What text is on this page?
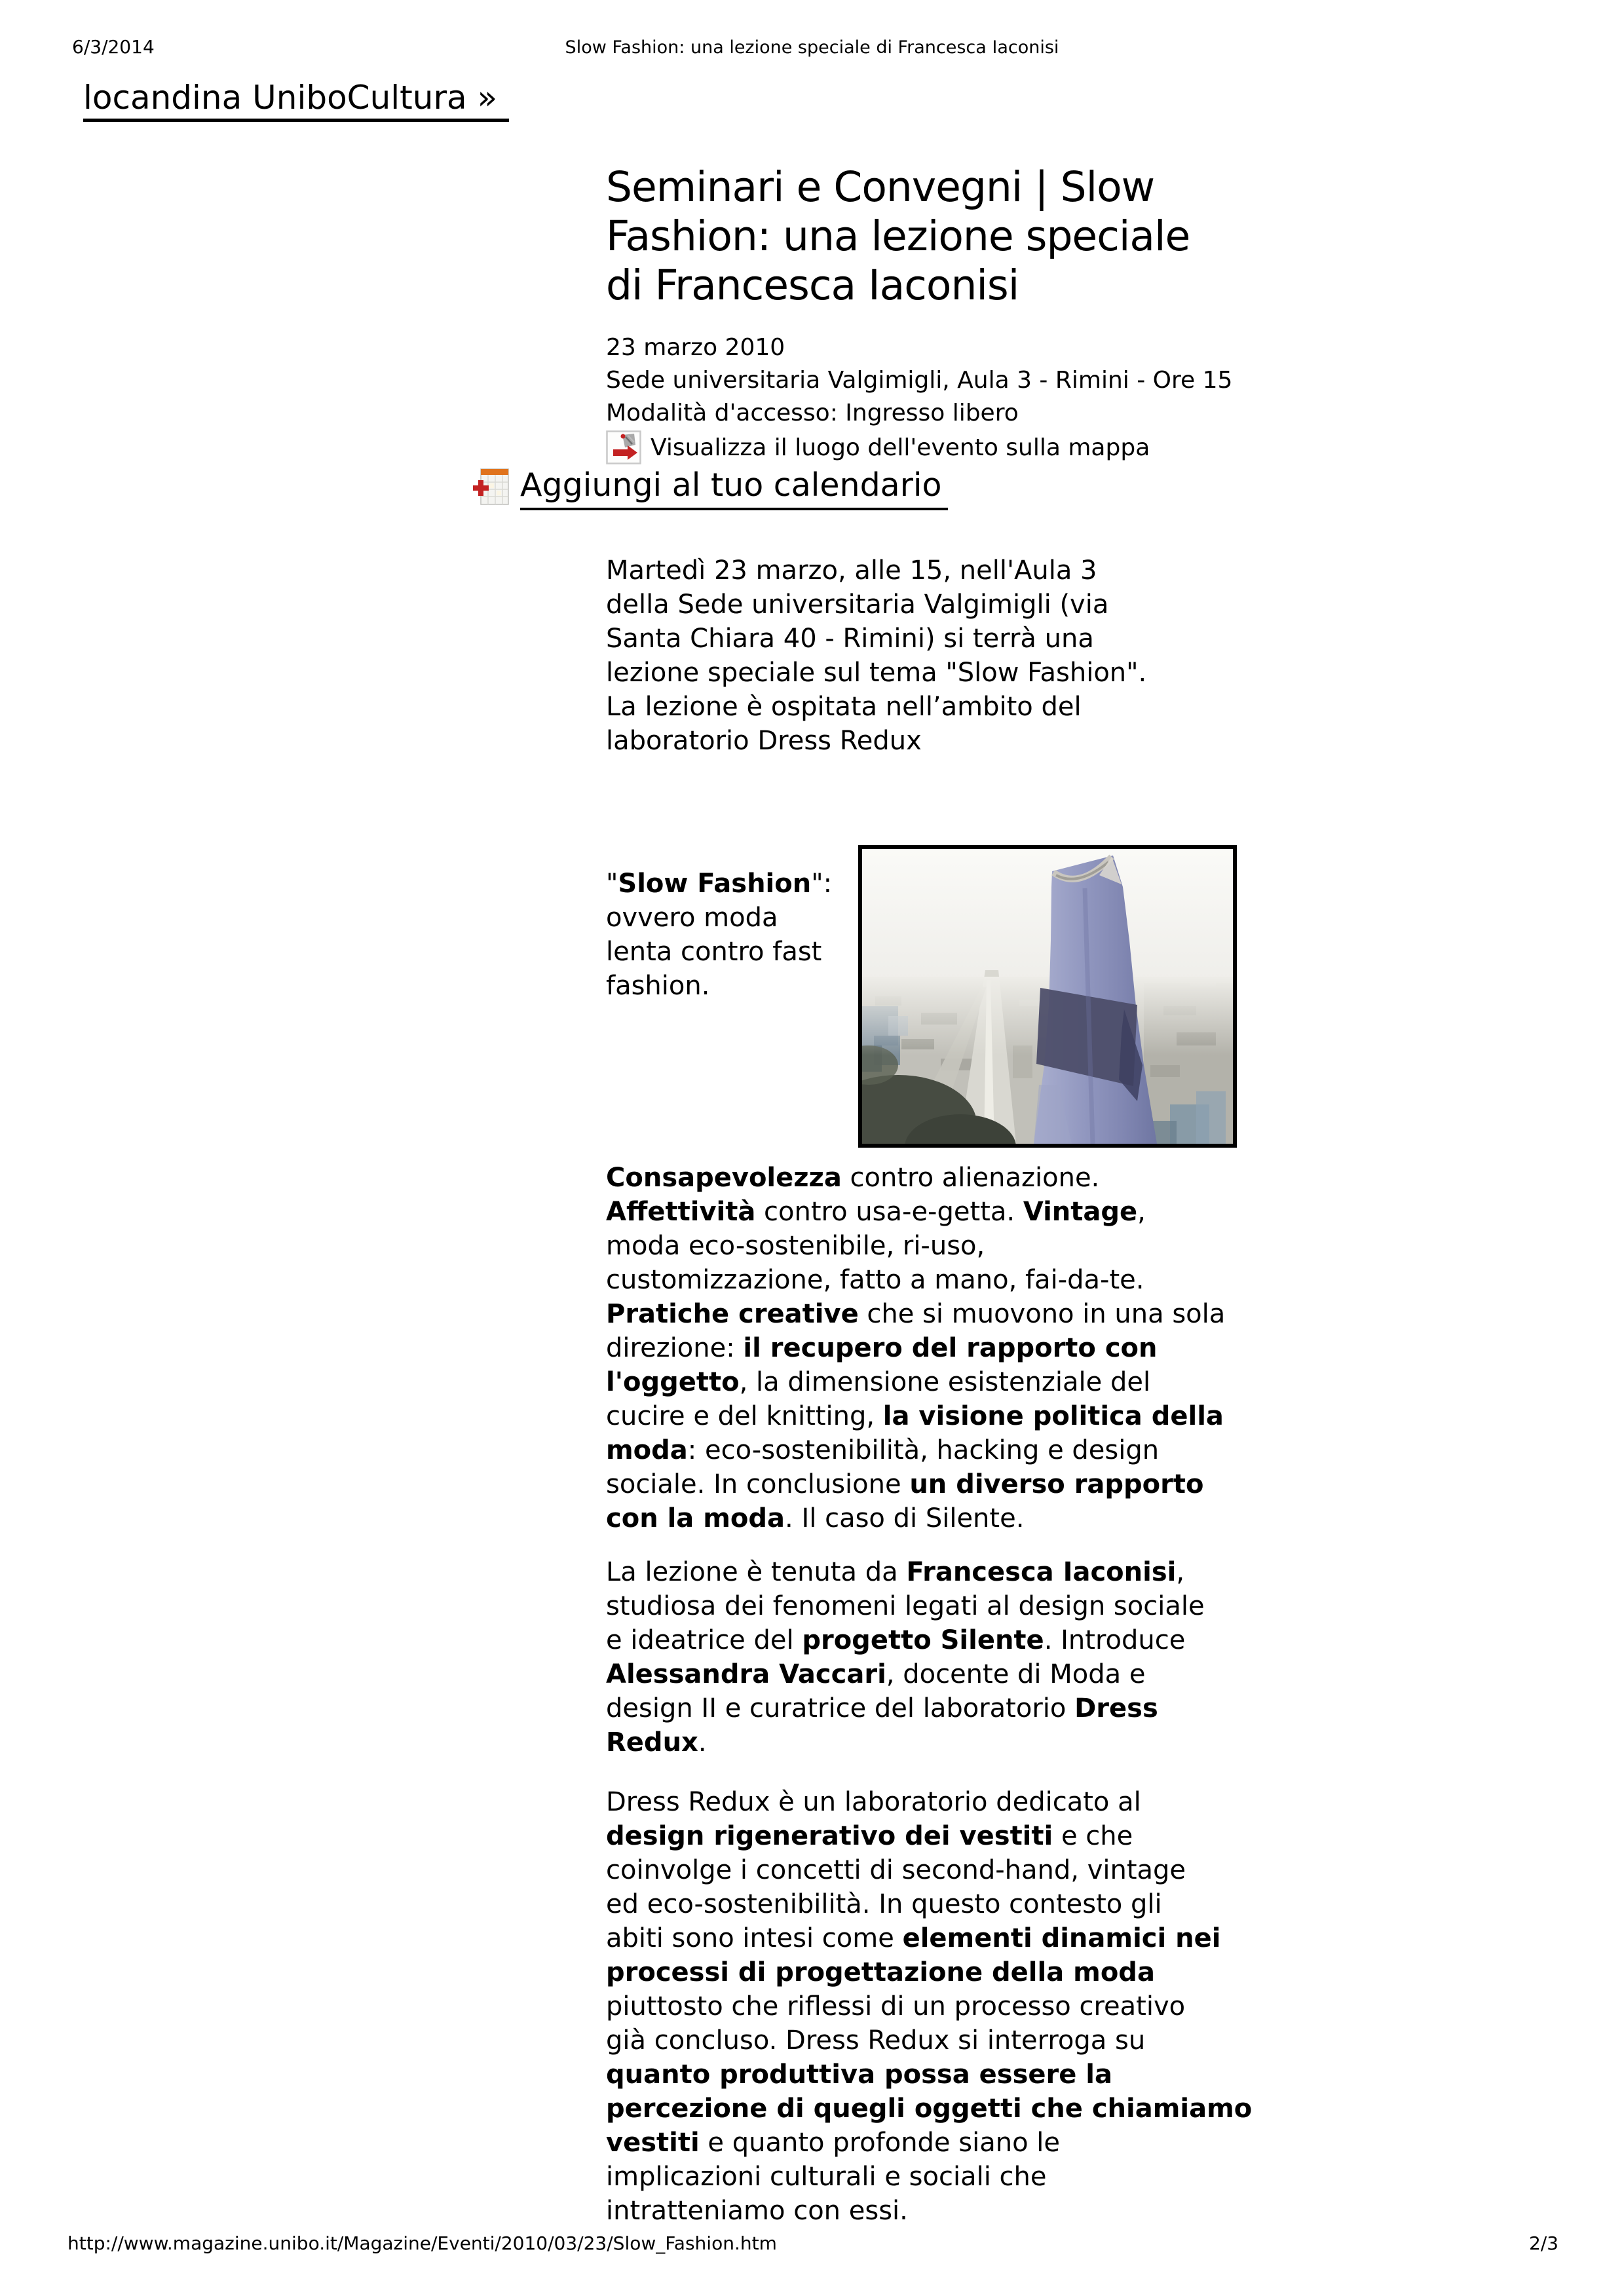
6/3/2014	Slow Fashion: una lezione speciale di Francesca Iaconisi
locandina UniboCultura »
Seminari e Convegni | Slow
Fashion: una lezione speciale
di Francesca Iaconisi
23 marzo 2010
Sede universitaria Valgimigli, Aula 3 - Rimini - Ore 15
Modalità d'accesso: Ingresso libero
Visualizza il luogo dell'evento sulla mappa
Aggiungi al tuo calendario

Martedì 23 marzo, alle 15, nell'Aula 3
della Sede universitaria Valgimigli (via
Santa Chiara 40 - Rimini) si terrà una
lezione speciale sul tema "Slow Fashion".
La lezione è ospitata nell’ambito del
laboratorio Dress Redux

"Slow Fashion":
ovvero moda
lenta contro fast
fashion.

Consapevolezza contro alienazione.
Affettività contro usa-e-getta. Vintage,
moda eco-sostenibile, ri-uso,
customizzazione, fatto a mano, fai-da-te.
Pratiche creative che si muovono in una sola
direzione: il recupero del rapporto con
l'oggetto, la dimensione esistenziale del
cucire e del knitting, la visione politica della
moda: eco-sostenibilità, hacking e design
sociale. In conclusione un diverso rapporto
con la moda. Il caso di Silente.

La lezione è tenuta da Francesca Iaconisi,
studiosa dei fenomeni legati al design sociale
e ideatrice del progetto Silente. Introduce
Alessandra Vaccari, docente di Moda e
design II e curatrice del laboratorio Dress
Redux.

Dress Redux è un laboratorio dedicato al
design rigenerativo dei vestiti e che
coinvolge i concetti di second-hand, vintage
ed eco-sostenibilità. In questo contesto gli
abiti sono intesi come elementi dinamici nei
processi di progettazione della moda
piuttosto che riflessi di un processo creativo
già concluso. Dress Redux si interroga su
quanto produttiva possa essere la
percezione di quegli oggetti che chiamiamo
vestiti e quanto profonde siano le
implicazioni culturali e sociali che
intratteniamo con essi.

http://www.magazine.unibo.it/Magazine/Eventi/2010/03/23/Slow_Fashion.htm	2/3
